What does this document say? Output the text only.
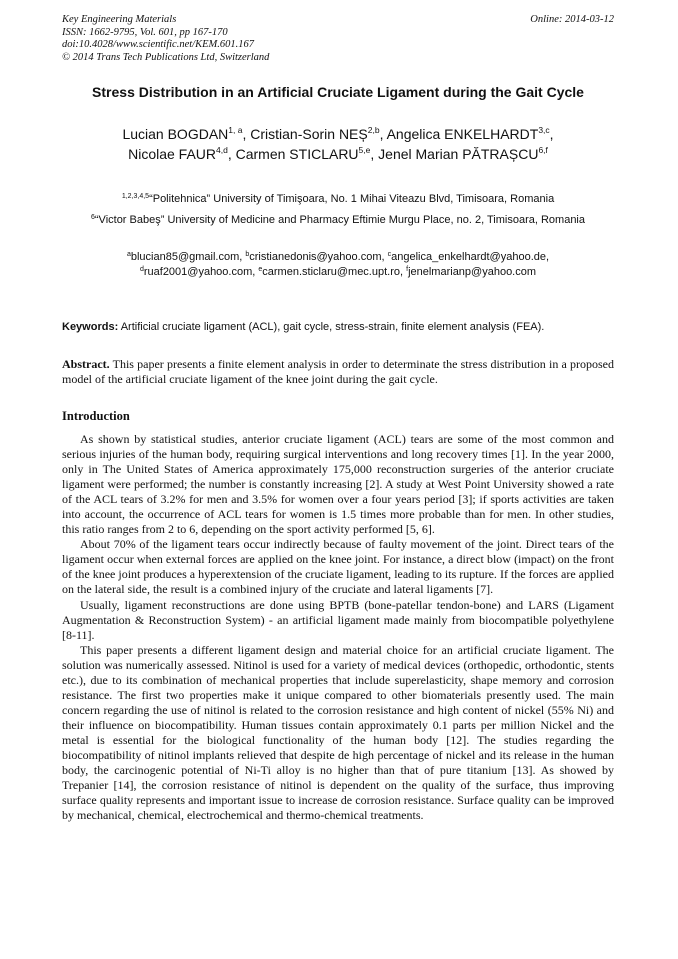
Key Engineering Materials
ISSN: 1662-9795, Vol. 601, pp 167-170
doi:10.4028/www.scientific.net/KEM.601.167
© 2014 Trans Tech Publications Ltd, Switzerland
Online: 2014-03-12
Stress Distribution in an Artificial Cruciate Ligament during the Gait Cycle
Lucian BOGDAN$^{1, a}$, Cristian-Sorin NEȘ$^{2,b}$, Angelica ENKELHARDT$^{3,c}$,
Nicolae FAUR$^{4,d}$, Carmen STICLARU$^{5,e}$, Jenel Marian PĂTRAȘCU$^{6,f}$
$^{1,2,3,4,5}$“Politehnica” University of Timişoara, No. 1 Mihai Viteazu Blvd, Timisoara, Romania
$^6$“Victor Babeş” University of Medicine and Pharmacy Eftimie Murgu Place, no. 2, Timisoara, Romania
$^a$blucian85@gmail.com, $^b$cristianedonis@yahoo.com, $^c$angelica_enkelhardt@yahoo.de,
$^d$ruaf2001@yahoo.com, $^e$carmen.sticlaru@mec.upt.ro, $^f$jenelmarianp@yahoo.com
Keywords: Artificial cruciate ligament (ACL), gait cycle, stress-strain, finite element analysis (FEA).
Abstract. This paper presents a finite element analysis in order to determinate the stress distribution in a proposed model of the artificial cruciate ligament of the knee joint during the gait cycle.
Introduction

As shown by statistical studies, anterior cruciate ligament (ACL) tears are some of the most common and serious injuries of the human body, requiring surgical interventions and long recovery times [1]. In the year 2000, only in The United States of America approximately 175,000 reconstruction surgeries of the anterior cruciate ligament were performed; the number is constantly increasing [2]. A study at West Point University showed a rate of the ACL tears of 3.2% for men and 3.5% for women over a four years period [3]; if sports activities are taken into account, the occurrence of ACL tears for women is 1.5 times more probable than for men. In other studies, this ratio ranges from 2 to 6, depending on the sport activity performed [5, 6].

About 70% of the ligament tears occur indirectly because of faulty movement of the joint. Direct tears of the ligament occur when external forces are applied on the knee joint. For instance, a direct blow (impact) on the front of the knee joint produces a hyperextension of the cruciate ligament, leading to its rupture. If the forces are applied on the lateral side, the result is a combined injury of the cruciate and lateral ligaments [7].

Usually, ligament reconstructions are done using BPTB (bone-patellar tendon-bone) and LARS (Ligament Augmentation & Reconstruction System) - an artificial ligament made mainly from biocompatible polyethylene [8-11].

This paper presents a different ligament design and material choice for an artificial cruciate ligament. The solution was numerically assessed. Nitinol is used for a variety of medical devices (orthopedic, orthodontic, stents etc.), due to its combination of mechanical properties that include superelasticity, shape memory and corrosion resistance. The first two properties make it unique compared to other biomaterials presently used. The main concern regarding the use of nitinol is related to the corrosion resistance and high content of nickel (55% Ni) and their influence on biocompatibility. Human tissues contain approximately 0.1 parts per million Nickel and the metal is essential for the biological functionality of the human body [12]. The studies regarding the biocompatibility of nitinol implants relieved that despite de high percentage of nickel and its release in the human body, the carcinogenic potential of Ni-Ti alloy is no higher than that of pure titanium [13]. As showed by Trepanier [14], the corrosion resistance of nitinol is dependent on the quality of the surface, thus improving surface quality represents and important issue to increase de corrosion resistance. Surface quality can be improved by mechanical, chemical, electrochemical and thermo-chemical treatments.
